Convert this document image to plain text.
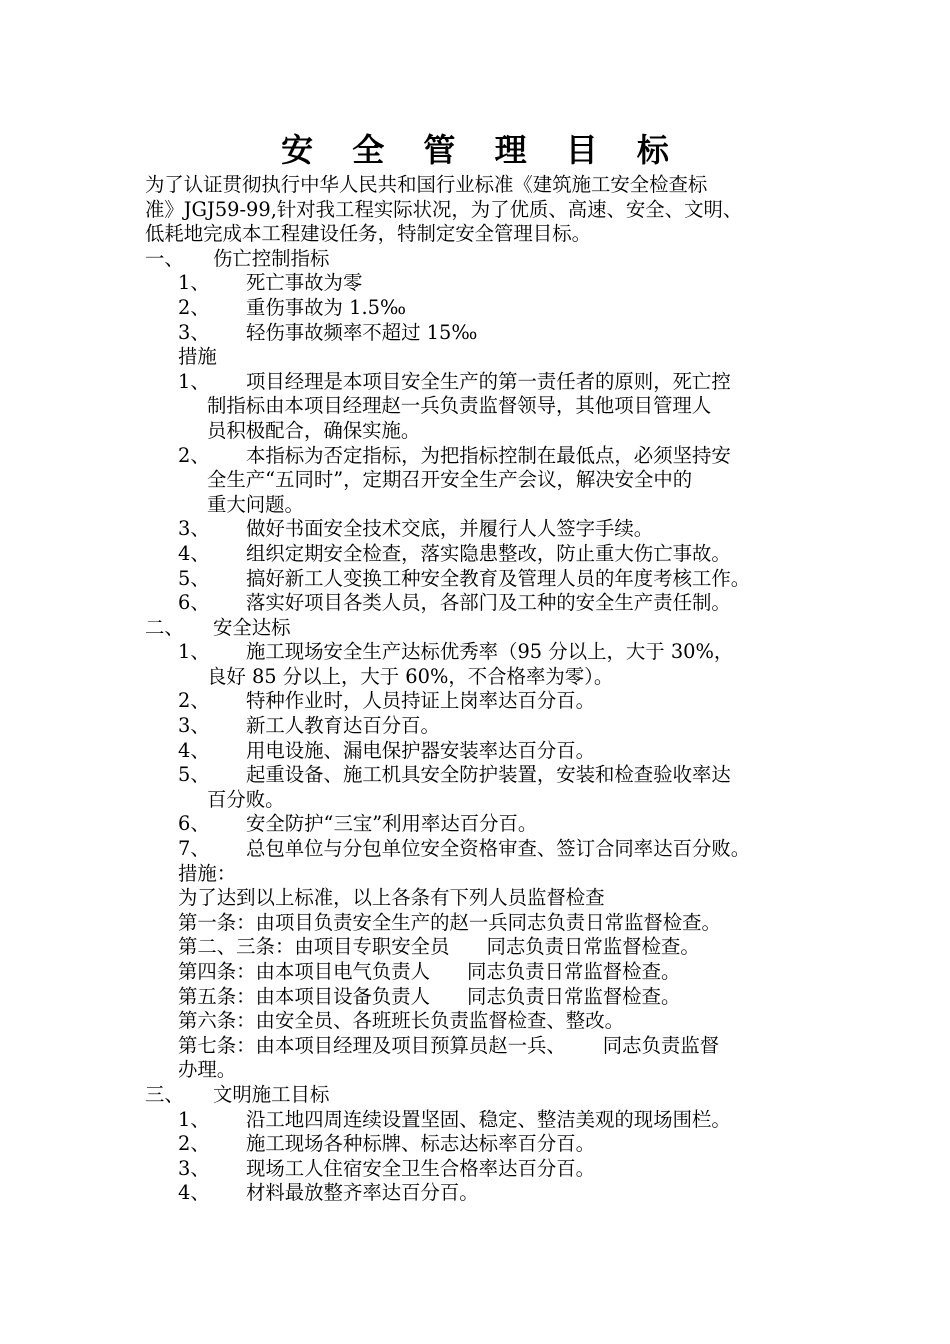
安 全 管 理 目 标
为了认证贯彻执行中华人民共和国行业标准《建筑施工安全检查标
准》JGJ59-99,针对我工程实际状况，为了优质、高速、安全、文明、
低耗地完成本工程建设任务，特制定安全管理目标。
一、	伤亡控制指标
1、	死亡事故为零
2、	重伤事故为 1.5‰
3、	轻伤事故频率不超过 15‰
措施
1、 项目经理是本项目安全生产的第一责任者的原则，死亡控
制指标由本项目经理赵一兵负责监督领导，其他项目管理人
员积极配合，确保实施。
2、 本指标为否定指标，为把指标控制在最低点，必须坚持安
全生产“五同时”，定期召开安全生产会议，解决安全中的
重大问题。
3、 做好书面安全技术交底，并履行人人签字手续。
4、 组织定期安全检查，落实隐患整改，防止重大伤亡事故。
5、 搞好新工人变换工种安全教育及管理人员的年度考核工作。
6、 落实好项目各类人员，各部门及工种的安全生产责任制。
二、	安全达标
1、 施工现场安全生产达标优秀率（95 分以上，大于 30%，
良好 85 分以上，大于 60%，不合格率为零）。
2、 特种作业时，人员持证上岗率达百分百。
3、 新工人教育达百分百。
4、 用电设施、漏电保护器安装率达百分百。
5、 起重设备、施工机具安全防护装置，安装和检查验收率达
百分败。
6、 安全防护“三宝”利用率达百分百。
7、 总包单位与分包单位安全资格审查、签订合同率达百分败。
措施：
为了达到以上标准，以上各条有下列人员监督检查
第一条：由项目负责安全生产的赵一兵同志负责日常监督检查。
第二、三条：由项目专职安全员      同志负责日常监督检查。
第四条：由本项目电气负责人      同志负责日常监督检查。
第五条：由本项目设备负责人      同志负责日常监督检查。
第六条：由安全员、各班班长负责监督检查、整改。
第七条：由本项目经理及项目预算员赵一兵、      同志负责监督
办理。
三、	文明施工目标
1、	沿工地四周连续设置坚固、稳定、整洁美观的现场围栏。
2、	施工现场各种标牌、标志达标率百分百。
3、	现场工人住宿安全卫生合格率达百分百。
4、	材料最放整齐率达百分百。
